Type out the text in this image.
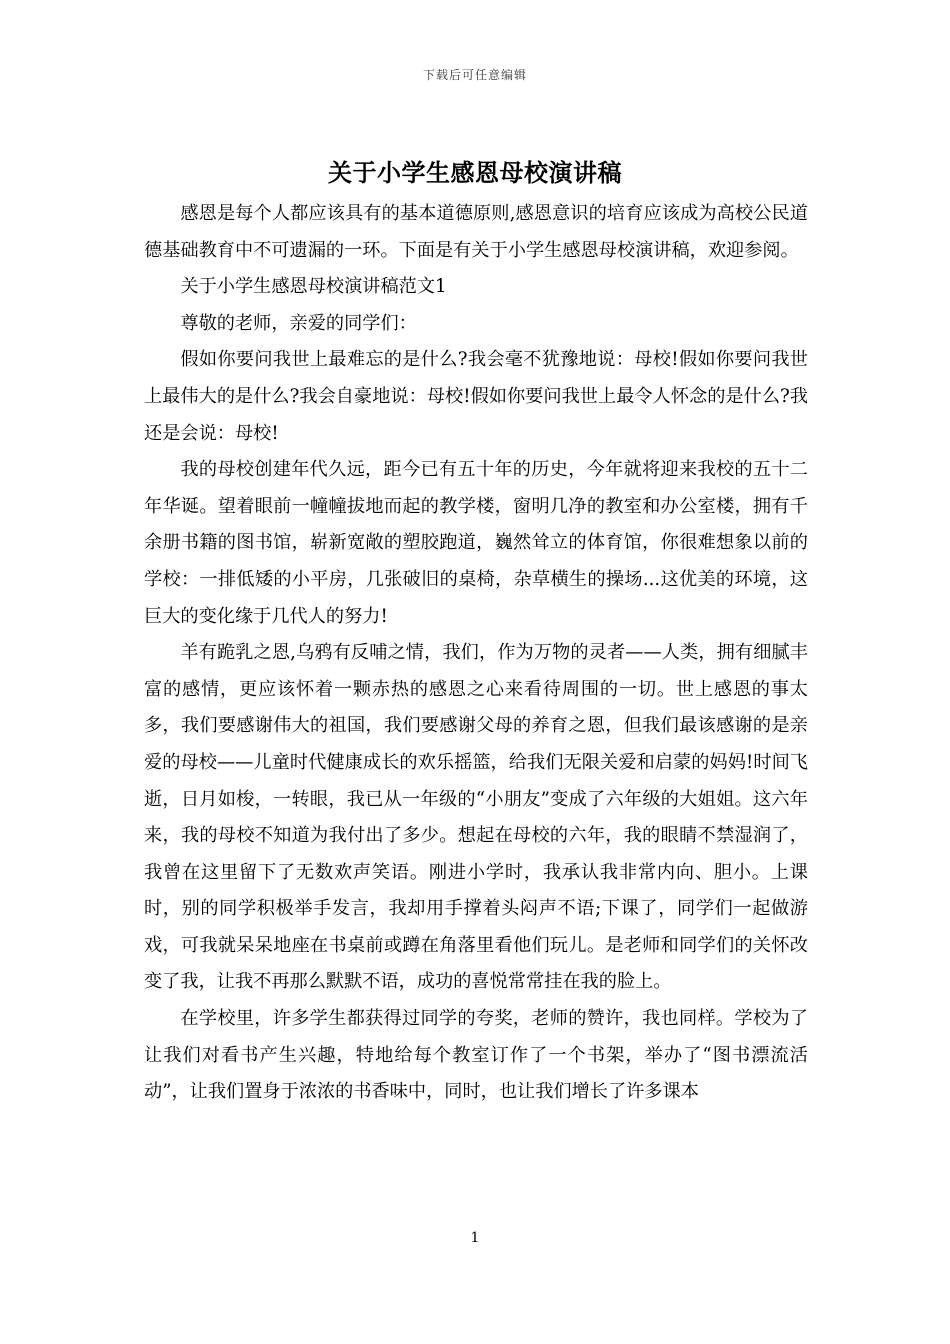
下载后可任意编辑
关于小学生感恩母校演讲稿

感恩是每个人都应该具有的基本道德原则,感恩意识的培育应该成为高校公民道德基础教育中不可遗漏的一环。下面是有关于小学生感恩母校演讲稿，欢迎参阅。

关于小学生感恩母校演讲稿范文1

尊敬的老师，亲爱的同学们：

假如你要问我世上最难忘的是什么?我会毫不犹豫地说：母校!假如你要问我世上最伟大的是什么?我会自豪地说：母校!假如你要问我世上最令人怀念的是什么?我还是会说：母校!

我的母校创建年代久远，距今已有五十年的历史，今年就将迎来我校的五十二年华诞。望着眼前一幢幢拔地而起的教学楼，窗明几净的教室和办公室楼，拥有千余册书籍的图书馆，崭新宽敞的塑胶跑道，巍然耸立的体育馆，你很难想象以前的学校：一排低矮的小平房，几张破旧的桌椅，杂草横生的操场...这优美的环境，这巨大的变化缘于几代人的努力!

羊有跪乳之恩,乌鸦有反哺之情，我们，作为万物的灵者——人类，拥有细腻丰富的感情，更应该怀着一颗赤热的感恩之心来看待周围的一切。世上感恩的事太多，我们要感谢伟大的祖国，我们要感谢父母的养育之恩，但我们最该感谢的是亲爱的母校——儿童时代健康成长的欢乐摇篮，给我们无限关爱和启蒙的妈妈!时间飞逝，日月如梭，一转眼，我已从一年级的“小朋友”变成了六年级的大姐姐。这六年来，我的母校不知道为我付出了多少。想起在母校的六年，我的眼睛不禁湿润了，我曾在这里留下了无数欢声笑语。刚进小学时，我承认我非常内向、胆小。上课时，别的同学积极举手发言，我却用手撑着头闷声不语;下课了，同学们一起做游戏，可我就呆呆地座在书桌前或蹲在角落里看他们玩儿。是老师和同学们的关怀改变了我，让我不再那么默默不语，成功的喜悦常常挂在我的脸上。

在学校里，许多学生都获得过同学的夸奖，老师的赞许，我也同样。学校为了让我们对看书产生兴趣，特地给每个教室订作了一个书架，举办了“图书漂流活动”，让我们置身于浓浓的书香味中，同时，也让我们增长了许多课本

1
